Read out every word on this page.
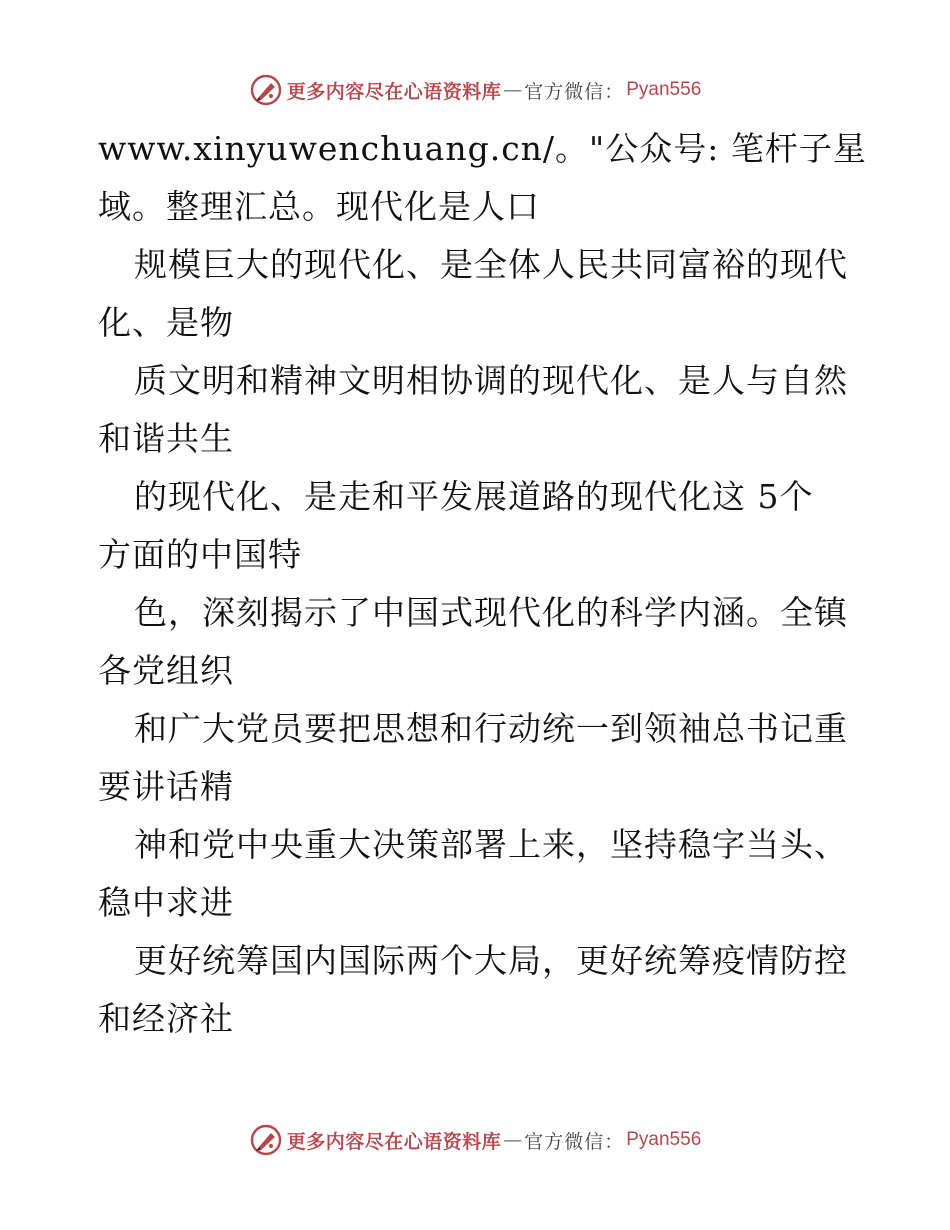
更多内容尽在心语资料库 — 官方微信： Pyan556
www.xinyuwenchuang.cn/。"公众号: 笔杆子星
域。整理汇总。现代化是人口
规模巨大的现代化、是全体人民共同富裕的现代
化、是物
质文明和精神文明相协调的现代化、是人与自然
和谐共生
的现代化、是走和平发展道路的现代化这 5个
方面的中国特
色，深刻揭示了中国式现代化的科学内涵。全镇
各党组织
和广大党员要把思想和行动统一到领袖总书记重
要讲话精
神和党中央重大决策部署上来，坚持稳字当头、
稳中求进
更好统筹国内国际两个大局，更好统筹疫情防控
和经济社
更多内容尽在心语资料库 — 官方微信： Pyan556
